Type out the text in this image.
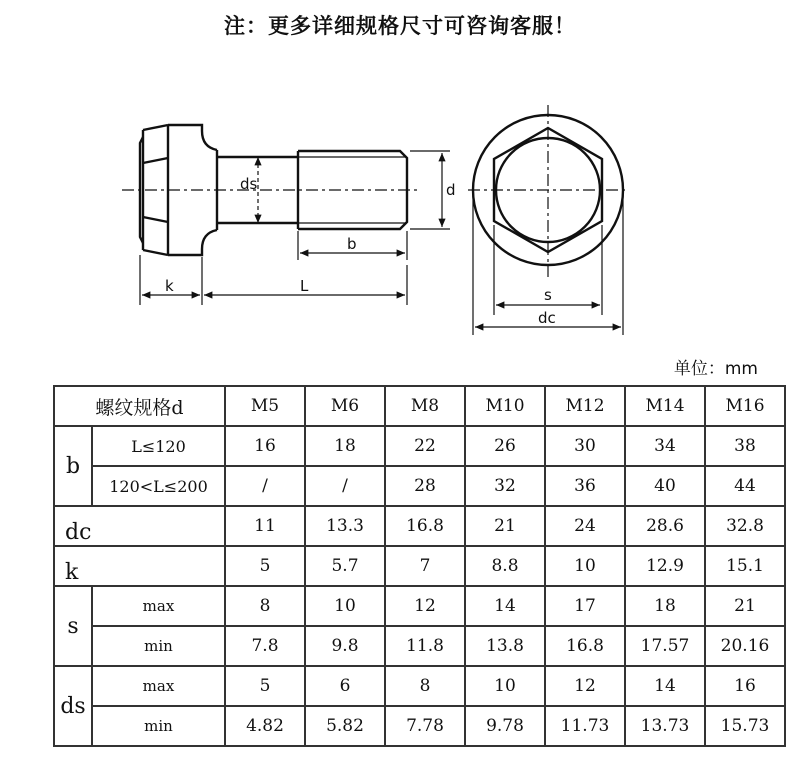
注：更多详细规格尺寸可咨询客服！
ds	d
b
k	L	s
dc
单位：mm
螺纹规格d		M5	M6	M8	M10	M12	M14	M16
b	L≤120	16	18	22	26	30	34	38
	120<L≤200	/	/	28	32	36	40	44
dc		11	13.3	16.8	21	24	28.6	32.8
k		5	5.7	7	8.8	10	12.9	15.1
s	max	8	10	12	14	17	18	21
	min	7.8	9.8	11.8	13.8	16.8	17.57	20.16
ds	max	5	6	8	10	12	14	16
	min	4.82	5.82	7.78	9.78	11.73	13.73	15.73
